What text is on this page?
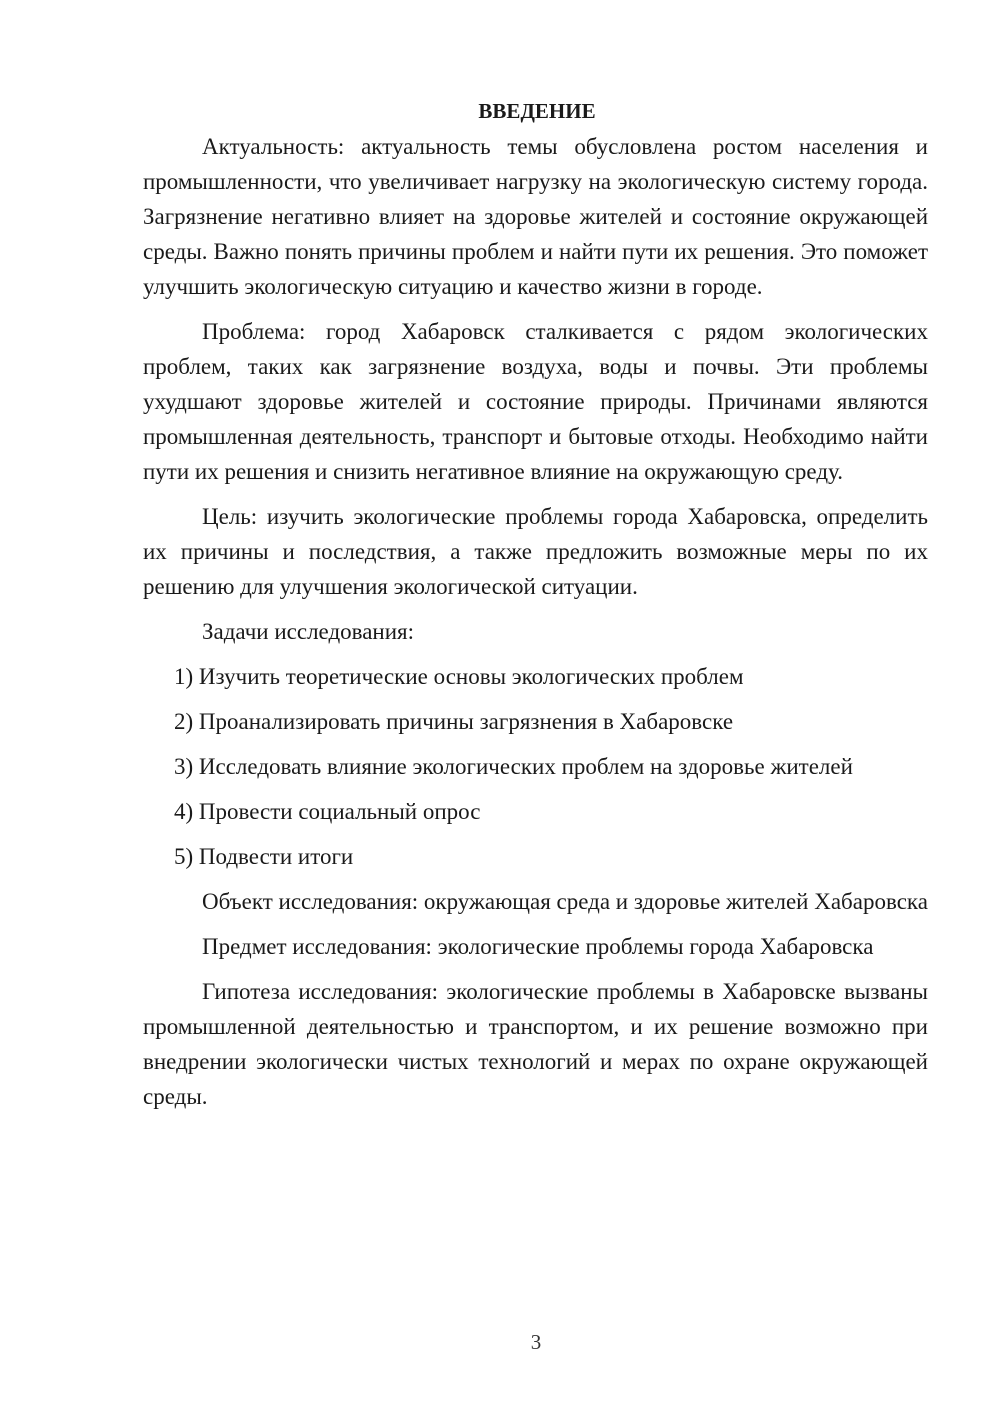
ВВЕДЕНИЕ

Актуальность: актуальность темы обусловлена ростом населения и промышленности, что увеличивает нагрузку на экологическую систему города. Загрязнение негативно влияет на здоровье жителей и состояние окружающей среды. Важно понять причины проблем и найти пути их решения. Это поможет улучшить экологическую ситуацию и качество жизни в городе.

Проблема: город Хабаровск сталкивается с рядом экологических проблем, таких как загрязнение воздуха, воды и почвы. Эти проблемы ухудшают здоровье жителей и состояние природы. Причинами являются промышленная деятельность, транспорт и бытовые отходы. Необходимо найти пути их решения и снизить негативное влияние на окружающую среду.

Цель: изучить экологические проблемы города Хабаровска, определить их причины и последствия, а также предложить возможные меры по их решению для улучшения экологической ситуации.

Задачи исследования:

1) Изучить теоретические основы экологических проблем
2) Проанализировать причины загрязнения в Хабаровске
3) Исследовать влияние экологических проблем на здоровье жителей
4) Провести социальный опрос
5) Подвести итоги

Объект исследования: окружающая среда и здоровье жителей Хабаровска

Предмет исследования: экологические проблемы города Хабаровска

Гипотеза исследования: экологические проблемы в Хабаровске вызваны промышленной деятельностью и транспортом, и их решение возможно при внедрении экологически чистых технологий и мерах по охране окружающей среды.

3
